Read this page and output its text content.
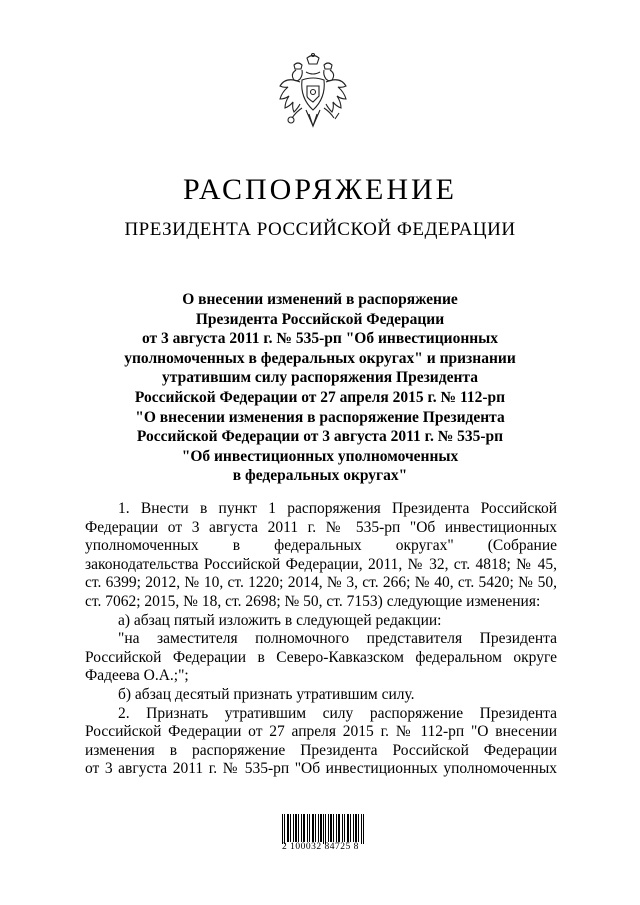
РАСПОРЯЖЕНИЕ
ПРЕЗИДЕНТА РОССИЙСКОЙ ФЕДЕРАЦИИ
О внесении изменений в распоряжение
Президента Российской Федерации
от 3 августа 2011 г. № 535-рп "Об инвестиционных
уполномоченных в федеральных округах" и признании
утратившим силу распоряжения Президента
Российской Федерации от 27 апреля 2015 г. № 112-рп
"О внесении изменения в распоряжение Президента
Российской Федерации от 3 августа 2011 г. № 535-рп
"Об инвестиционных уполномоченных
в федеральных округах"
1. Внести в пункт 1 распоряжения Президента Российской
Федерации от 3 августа 2011 г. № 535-рп "Об инвестиционных
уполномоченных в федеральных округах" (Собрание
законодательства Российской Федерации, 2011, № 32, ст. 4818; № 45,
ст. 6399; 2012, № 10, ст. 1220; 2014, № 3, ст. 266; № 40, ст. 5420; № 50,
ст. 7062; 2015, № 18, ст. 2698; № 50, ст. 7153) следующие изменения:
а) абзац пятый изложить в следующей редакции:
"на заместителя полномочного представителя Президента
Российской Федерации в Северо-Кавказском федеральном округе
Фадеева О.А.;";
б) абзац десятый признать утратившим силу.
2. Признать утратившим силу распоряжение Президента
Российской Федерации от 27 апреля 2015 г. № 112-рп "О внесении
изменения в распоряжение Президента Российской Федерации
от 3 августа 2011 г. № 535-рп "Об инвестиционных уполномоченных
2 100032 84725 8
